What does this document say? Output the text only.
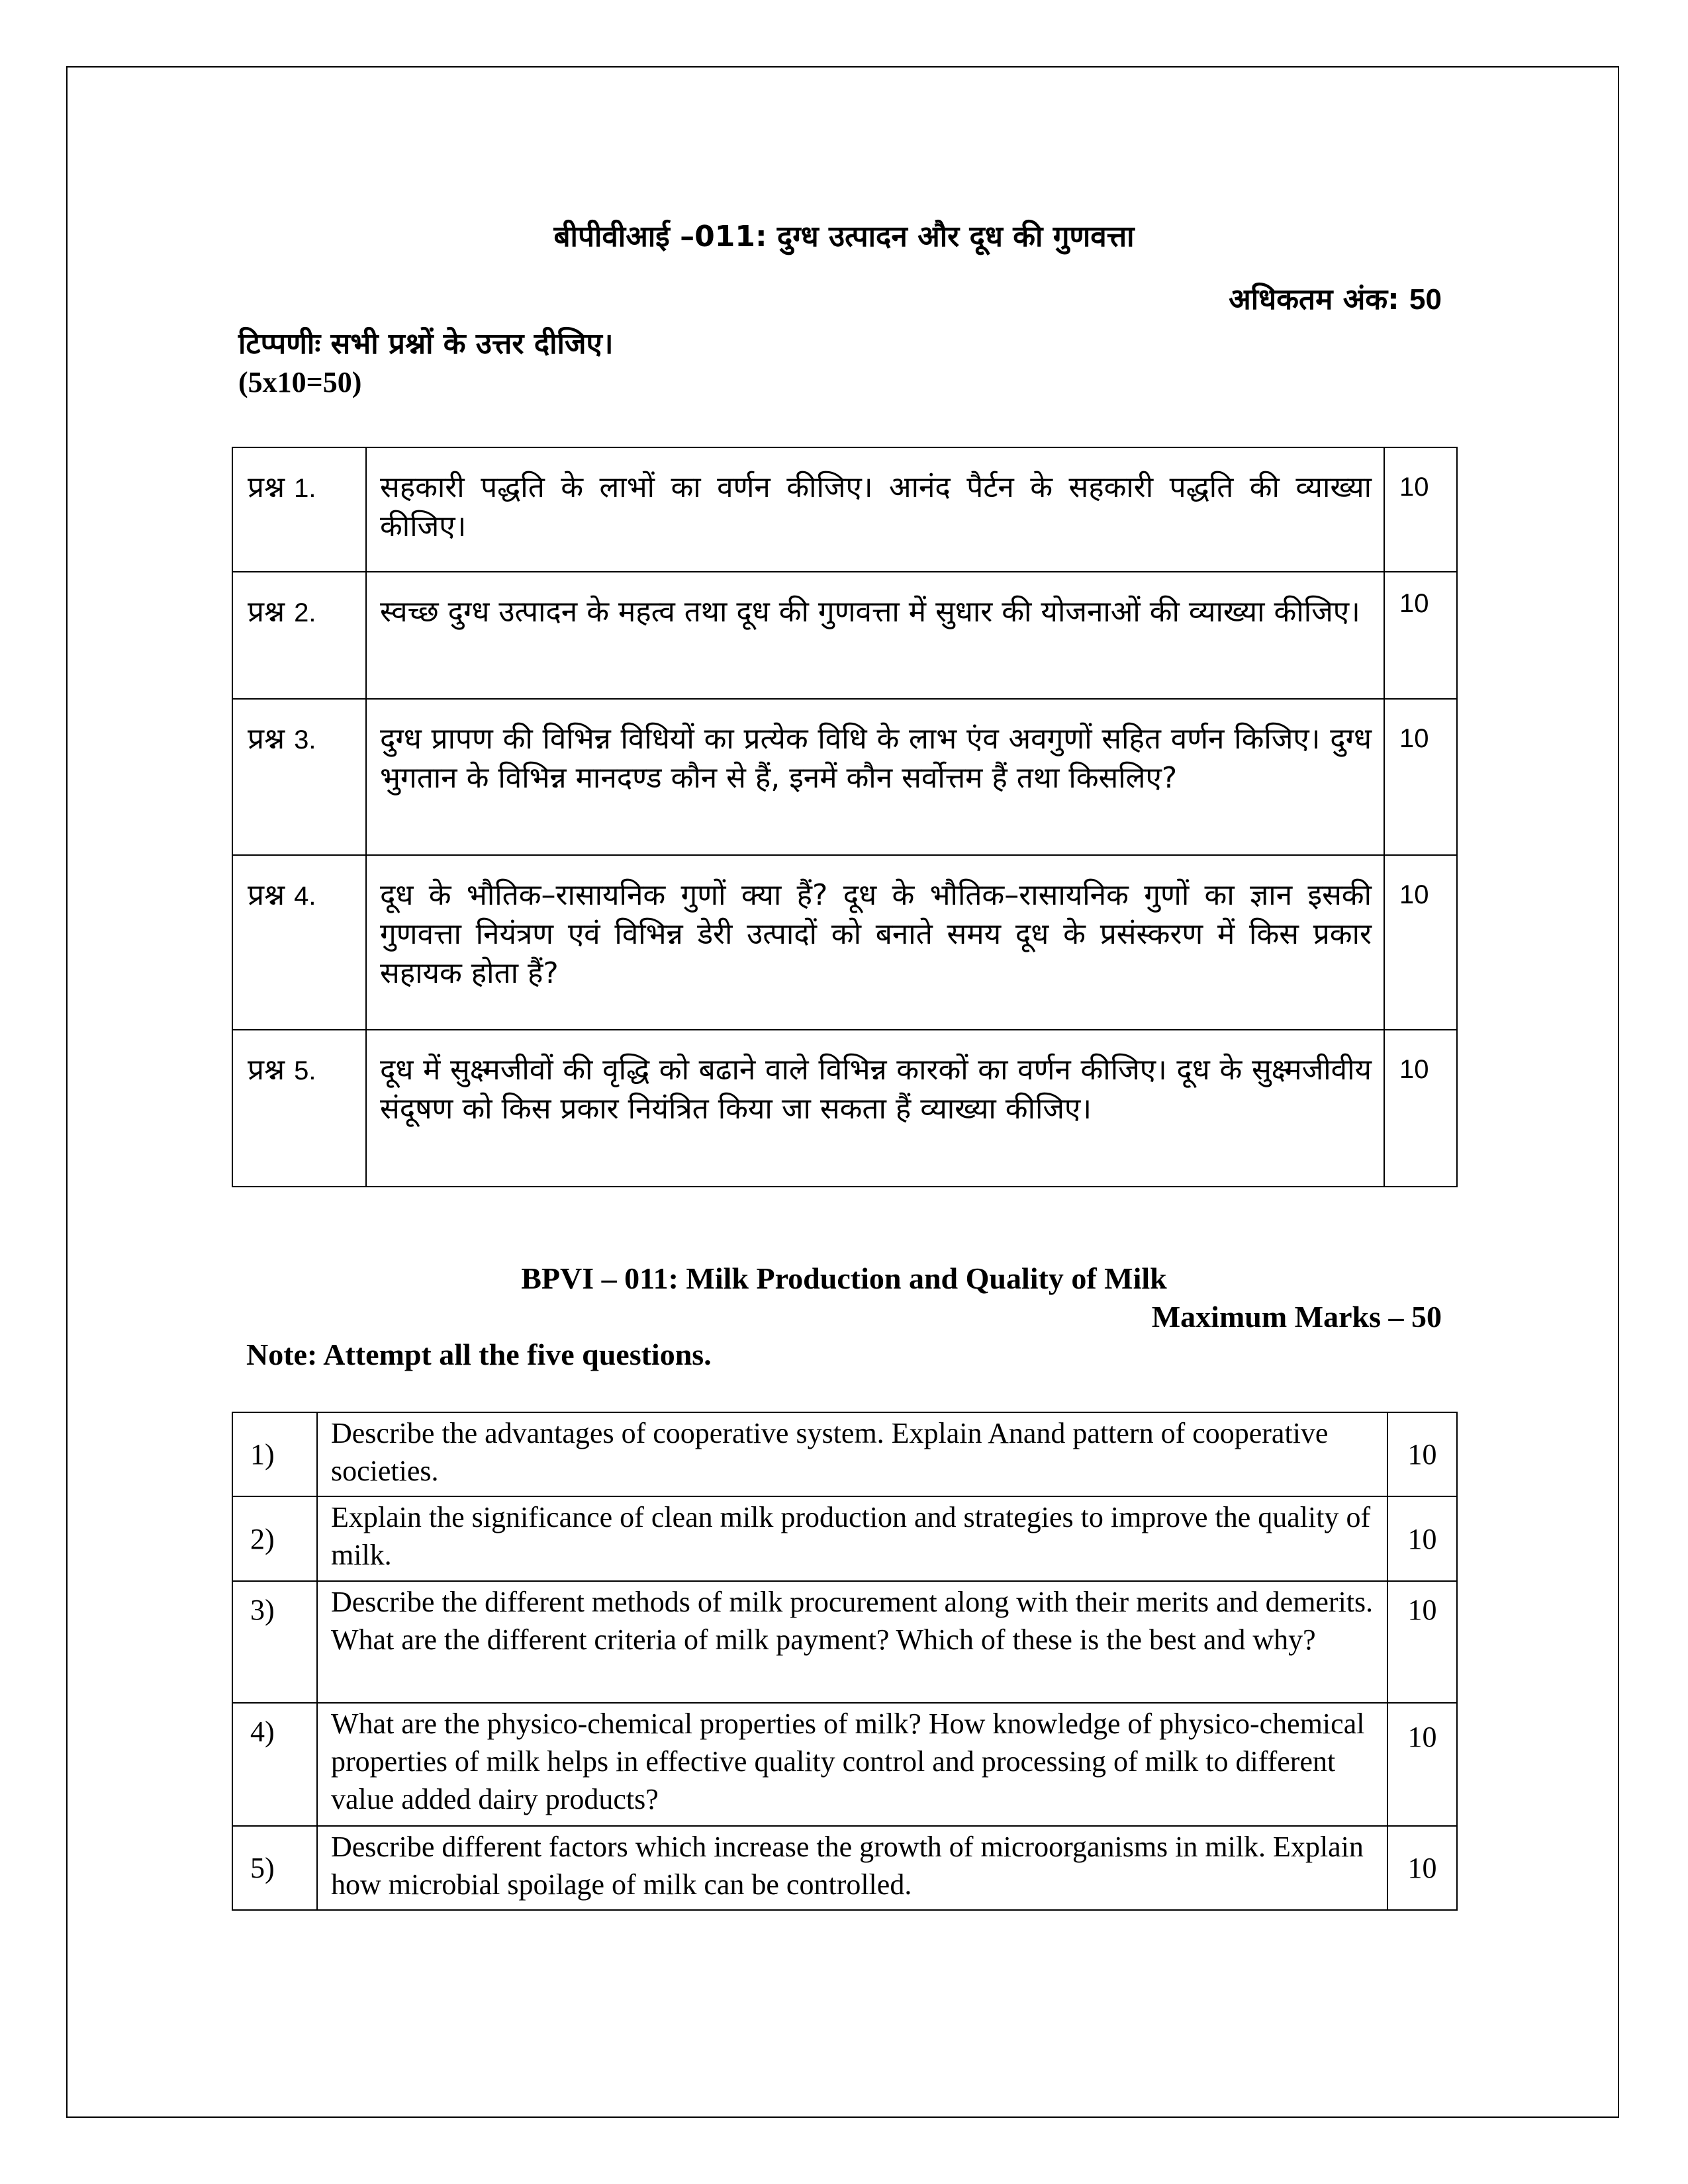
बीपीवीआई –011: दुग्ध उत्पादन और दूध की गुणवत्ता
अधिकतम अंक: 50
टिप्पणीः सभी प्रश्नों के उत्तर दीजिए।
(5x10=50)
प्रश्न 1.	सहकारी पद्धति के लाभों का वर्णन कीजिए। आनंद पैर्टन के सहकारी पद्धति की व्याख्या कीजिए।	10
प्रश्न 2.	स्वच्छ दुग्ध उत्पादन के महत्व तथा दूध की गुणवत्ता में सुधार की योजनाओं की व्याख्या कीजिए।	10
प्रश्न 3.	दुग्ध प्रापण की विभिन्न विधियों का प्रत्येक विधि के लाभ एंव अवगुणों सहित वर्णन किजिए। दुग्ध भुगतान के विभिन्न मानदण्ड कौन से हैं, इनमें कौन सर्वोत्तम हैं तथा किसलिए?	10
प्रश्न 4.	दूध के भौतिक–रासायनिक गुणों क्या हैं? दूध के भौतिक–रासायनिक गुणों का ज्ञान इसकी गुणवत्ता नियंत्रण एवं विभिन्न डेरी उत्पादों को बनाते समय दूध के प्रसंस्करण में किस प्रकार सहायक होता हैं?	10
प्रश्न 5.	दूध में सुक्ष्मजीवों की वृद्धि को बढाने वाले विभिन्न कारकों का वर्णन कीजिए। दूध के सुक्ष्मजीवीय संदूषण को किस प्रकार नियंत्रित किया जा सकता हैं व्याख्या कीजिए।	10
BPVI – 011: Milk Production and Quality of Milk
Maximum Marks – 50
Note: Attempt all the five questions.
1)	Describe the advantages of cooperative system. Explain Anand pattern of cooperative societies.	10
2)	Explain the significance of clean milk production and strategies to improve the quality of milk.	10
3)	Describe the different methods of milk procurement along with their merits and demerits. What are the different criteria of milk payment? Which of these is the best and why?	10
4)	What are the physico-chemical properties of milk? How knowledge of physico-chemical properties of milk helps in effective quality control and processing of milk to different value added dairy products?	10
5)	Describe different factors which increase the growth of microorganisms in milk. Explain how microbial spoilage of milk can be controlled.	10
